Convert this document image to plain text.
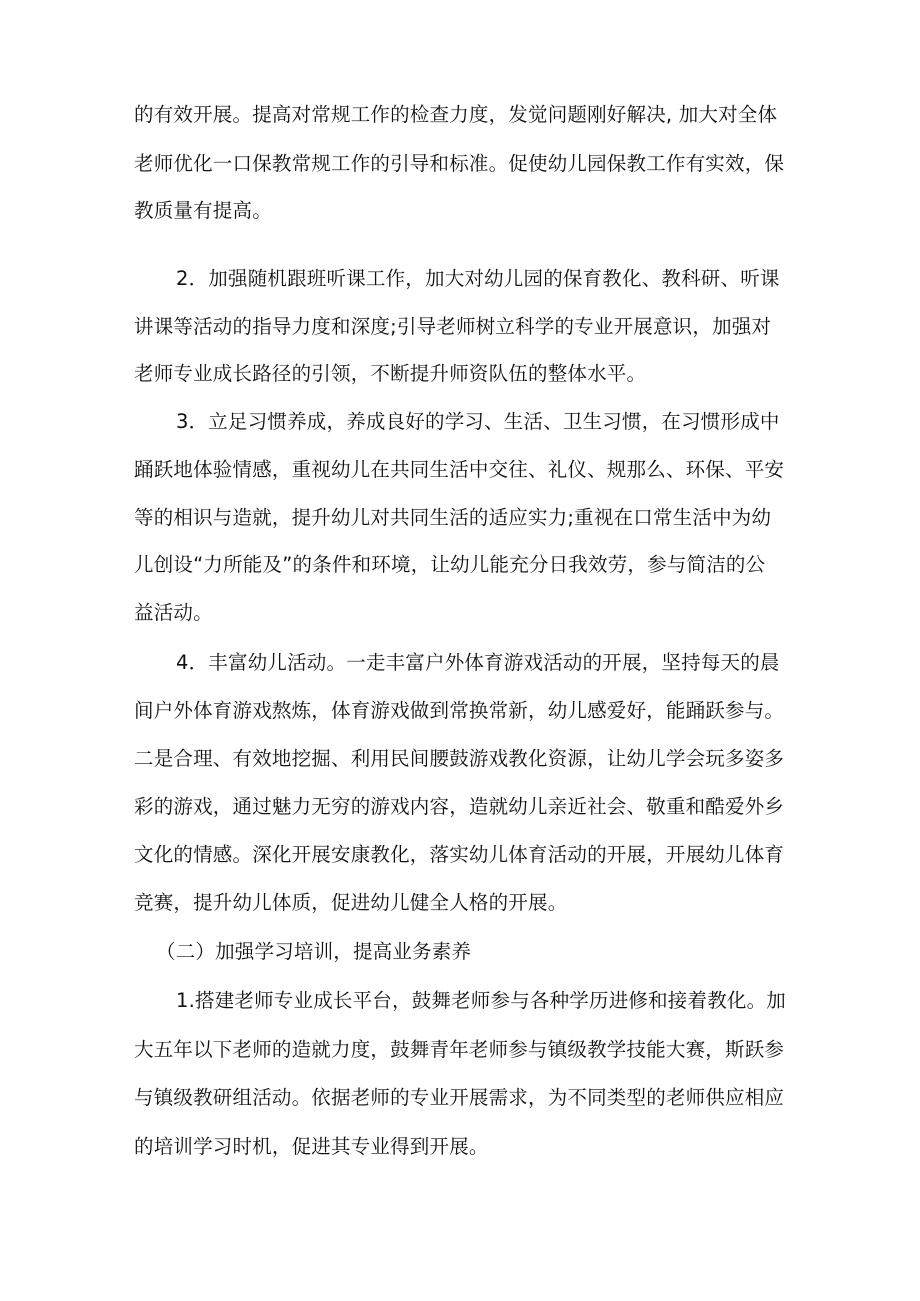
的有效开展。提高对常规工作的检查力度，发觉问题刚好解决, 加大对全体
老师优化一口保教常规工作的引导和标准。促使幼儿园保教工作有实效，保
教质量有提高。
2．加强随机跟班听课工作，加大对幼儿园的保育教化、教科研、听课
讲课等活动的指导力度和深度;引导老师树立科学的专业开展意识，加强对
老师专业成长路径的引领，不断提升师资队伍的整体水平。
3．立足习惯养成，养成良好的学习、生活、卫生习惯，在习惯形成中
踊跃地体验情感，重视幼儿在共同生活中交往、礼仪、规那么、环保、平安
等的相识与造就，提升幼儿对共同生活的适应实力;重视在口常生活中为幼
儿创设“力所能及”的条件和环境，让幼儿能充分日我效劳，参与简洁的公
益活动。
4．丰富幼儿活动。一走丰富户外体育游戏活动的开展，坚持每天的晨
间户外体育游戏熬炼，体育游戏做到常换常新，幼儿感爱好，能踊跃参与。
二是合理、有效地挖掘、利用民间腰鼓游戏教化资源，让幼儿学会玩多姿多
彩的游戏，通过魅力无穷的游戏内容，造就幼儿亲近社会、敬重和酷爱外乡
文化的情感。深化开展安康教化，落实幼儿体育活动的开展，开展幼儿体育
竞赛，提升幼儿体质，促进幼儿健全人格的开展。
（二）加强学习培训，提高业务素养
1.搭建老师专业成长平台，鼓舞老师参与各种学历进修和接着教化。加
大五年以下老师的造就力度，鼓舞青年老师参与镇级教学技能大赛，斯跃参
与镇级教研组活动。依据老师的专业开展需求，为不同类型的老师供应相应
的培训学习时机，促进其专业得到开展。
